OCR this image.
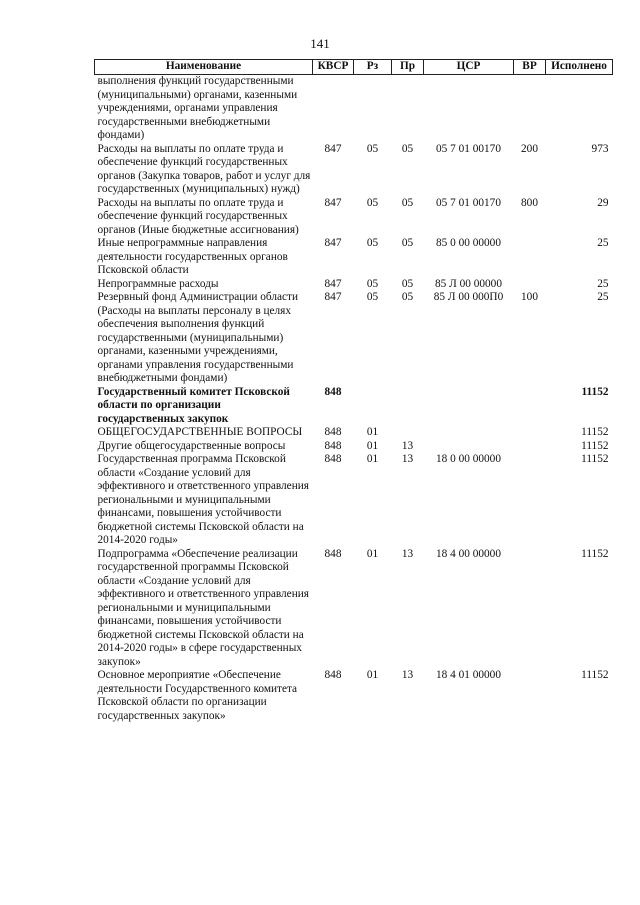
141
Наименование	КВСР	Рз	Пр	ЦСР	ВР	Исполнено
выполнения функций государственными (муниципальными) органами, казенными учреждениями, органами управления государственными внебюджетными фондами)						
Расходы на выплаты по оплате труда и обеспечение функций государственных органов (Закупка товаров, работ и услуг для государственных (муниципальных) нужд)	847	05	05	05 7 01 00170	200	973
Расходы на выплаты по оплате труда и обеспечение функций государственных органов (Иные бюджетные ассигнования)	847	05	05	05 7 01 00170	800	29
Иные непрограммные направления деятельности государственных органов Псковской области	847	05	05	85 0 00 00000		25
Непрограммные расходы	847	05	05	85 Л 00 00000		25
Резервный фонд Администрации области (Расходы на выплаты персоналу в целях обеспечения выполнения функций государственными (муниципальными) органами, казенными учреждениями, органами управления государственными внебюджетными фондами)	847	05	05	85 Л 00 000П0	100	25
Государственный комитет Псковской области по организации государственных закупок	848					11152
ОБЩЕГОСУДАРСТВЕННЫЕ ВОПРОСЫ	848	01				11152
Другие общегосударственные вопросы	848	01	13			11152
Государственная программа Псковской области «Создание условий для эффективного и ответственного управления региональными и муниципальными финансами, повышения устойчивости бюджетной системы Псковской области на 2014-2020 годы»	848	01	13	18 0 00 00000		11152
Подпрограмма «Обеспечение реализации государственной программы Псковской области «Создание условий для эффективного и ответственного управления региональными и муниципальными финансами, повышения устойчивости бюджетной системы Псковской области на 2014-2020 годы» в сфере государственных закупок»	848	01	13	18 4 00 00000		11152
Основное мероприятие «Обеспечение деятельности Государственного комитета Псковской области по организации государственных закупок»	848	01	13	18 4 01 00000		11152
